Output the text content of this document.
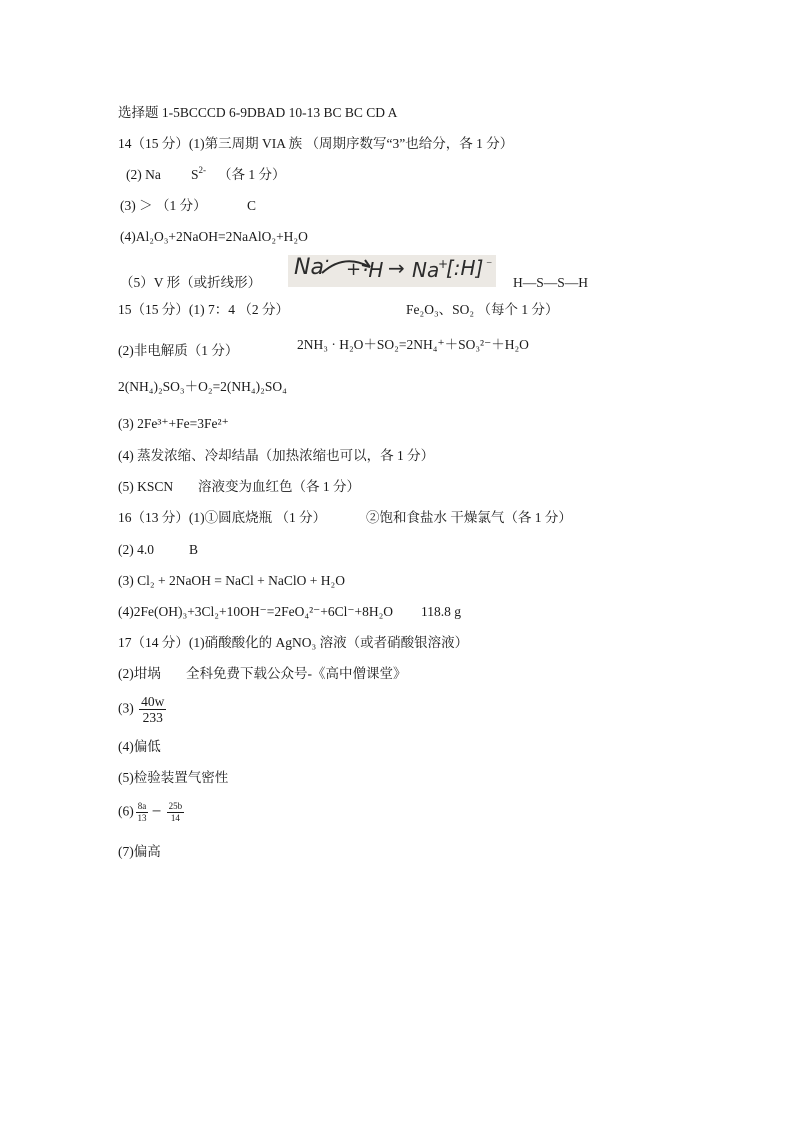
选择题 1-5BCCCD 6-9DBAD 10-13 BC BC CD A
14（15 分）(1)第三周期 VIA 族 （周期序数写“3”也给分，各 1 分）
(2) Na $S^{2-}$ （各 1 分）
(3) ＞ （1 分）	C
(4)Al₂O₃+2NaOH=2NaAlO₂+H₂O
（5）V 形（或折线形）
Na · + ·H → Na
+
[:H] ⁻
H—S—S—H
15（15 分）(1) 7：4 （2 分）	Fe₂O₃、SO₂ （每个 1 分）
(2)非电解质（1 分）	2NH₃ · H₂O＋SO₂=2NH₄⁺＋SO₃²⁻＋H₂O
2(NH₄)₂SO₃＋O₂=2(NH₄)₂SO₄
(3) 2Fe³⁺+Fe=3Fe²⁺
(4) 蒸发浓缩、冷却结晶（加热浓缩也可以，各 1 分）
(5) KSCN 溶液变为血红色（各 1 分）
16（13 分）(1)①圆底烧瓶 （1 分）	②饱和食盐水 干燥氯气（各 1 分）
(2) 4.0	B
(3) Cl₂ + 2NaOH = NaCl + NaClO + H₂O
(4)2Fe(OH)₃+3Cl₂+10OH⁻=2FeO₄²⁻+6Cl⁻+8H₂O 118.8 g
17（14 分）(1)硝酸酸化的 AgNO₃ 溶液（或者硝酸银溶液）
(2)坩埚 全科免费下载公众号-《高中僧课堂》
$(3) \frac{40w}{233}$
(4)偏低
(5)检验装置气密性
$(6) \frac{8a}{13} - \frac{25b}{14}$
(7)偏高
